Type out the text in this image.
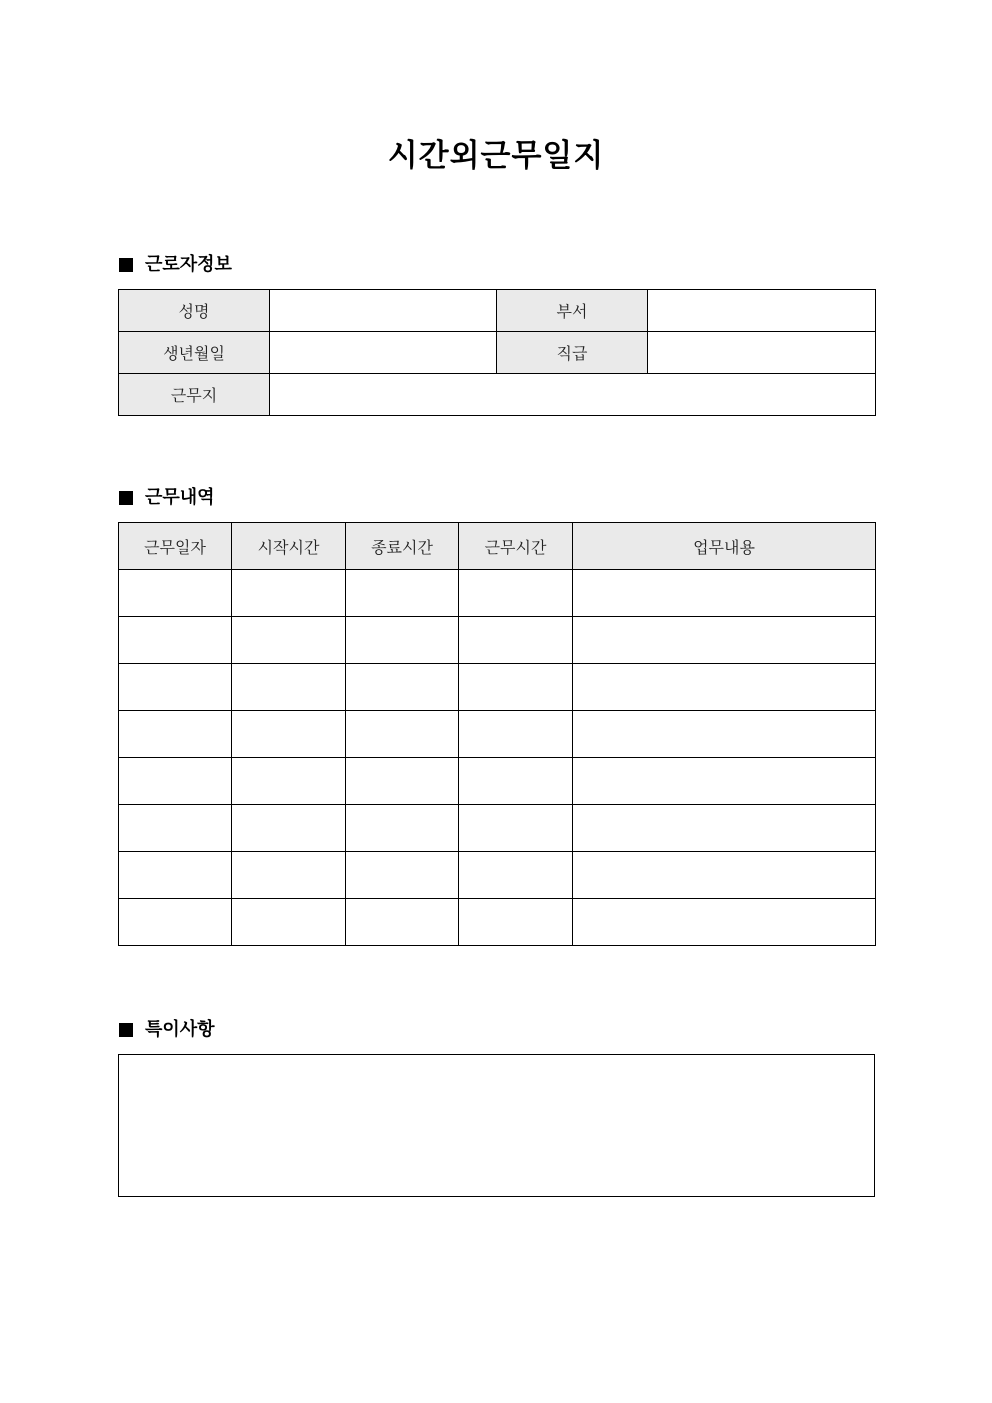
시간외근무일지
근로자정보
성명		부서	
생년월일		직급	
근무지			
근무내역
근무일자	시작시간	종료시간	근무시간	업무내용

특이사항
